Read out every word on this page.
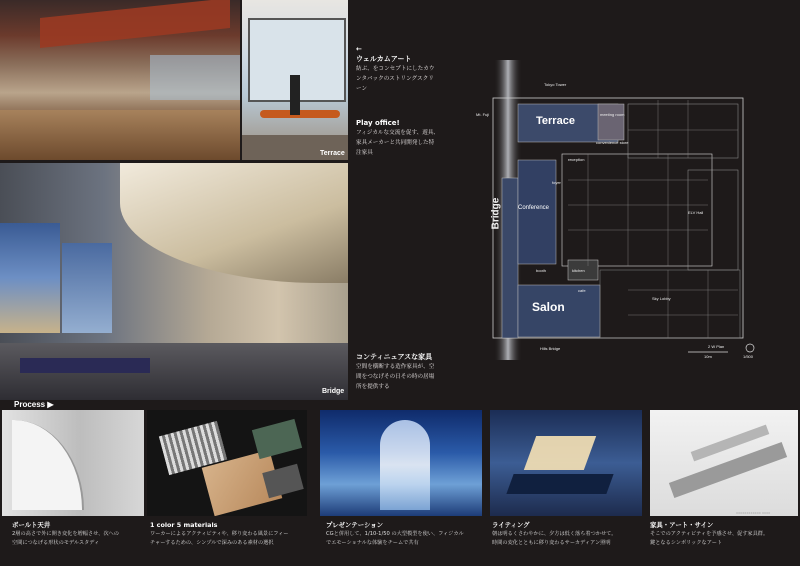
Terrace
Bridge
←
ウェルカムアート
紡ぶ、をコンセプトにしたカウ
ンタバックのストリングスクリ
ーン
Play office!
フィジカルな交流を促す、遊具、
家具メーカーと共同開発した特
注家具
コンティニュアスな家具
空間を横断する造作家具が、空
間をつなげその日その時の居場
所を提供する
Terrace
Bridge	Conference
Salon
Tokyo Tower
Mt. Fuji	meeting room
convenience store
reception
foyer
ELV Hall
booth	kitchen
cafe
Sky Lobby
Hills Bridge	2 W Plan
10m	1/500
Process ▶
ボールト天井
2層の高さで外に開き変化を増幅させ、次への
空間につなげる形状のモデルスタディ
1 color 5 materials
ワーカーによるアクティビティや、移り変わる風景にフィー
チャーするための、シンプルで深みのある素材の選択
プレゼンテーション
CGと併用して、1/10-1/50 の大型模型を使い、フィジカル
でエモーショナルな体験をチームで共有
ライティング
朝は明るくさわやかに、夕方は低く落ち着つかせて。
時間の変化とともに移り変わるサーカディアン照明
家具・アート・サイン
そこでのアクティビティを予感させ、促す家具群。
鍵となるシンボリックなアート
xxxxxxxxxxxx xxxx
